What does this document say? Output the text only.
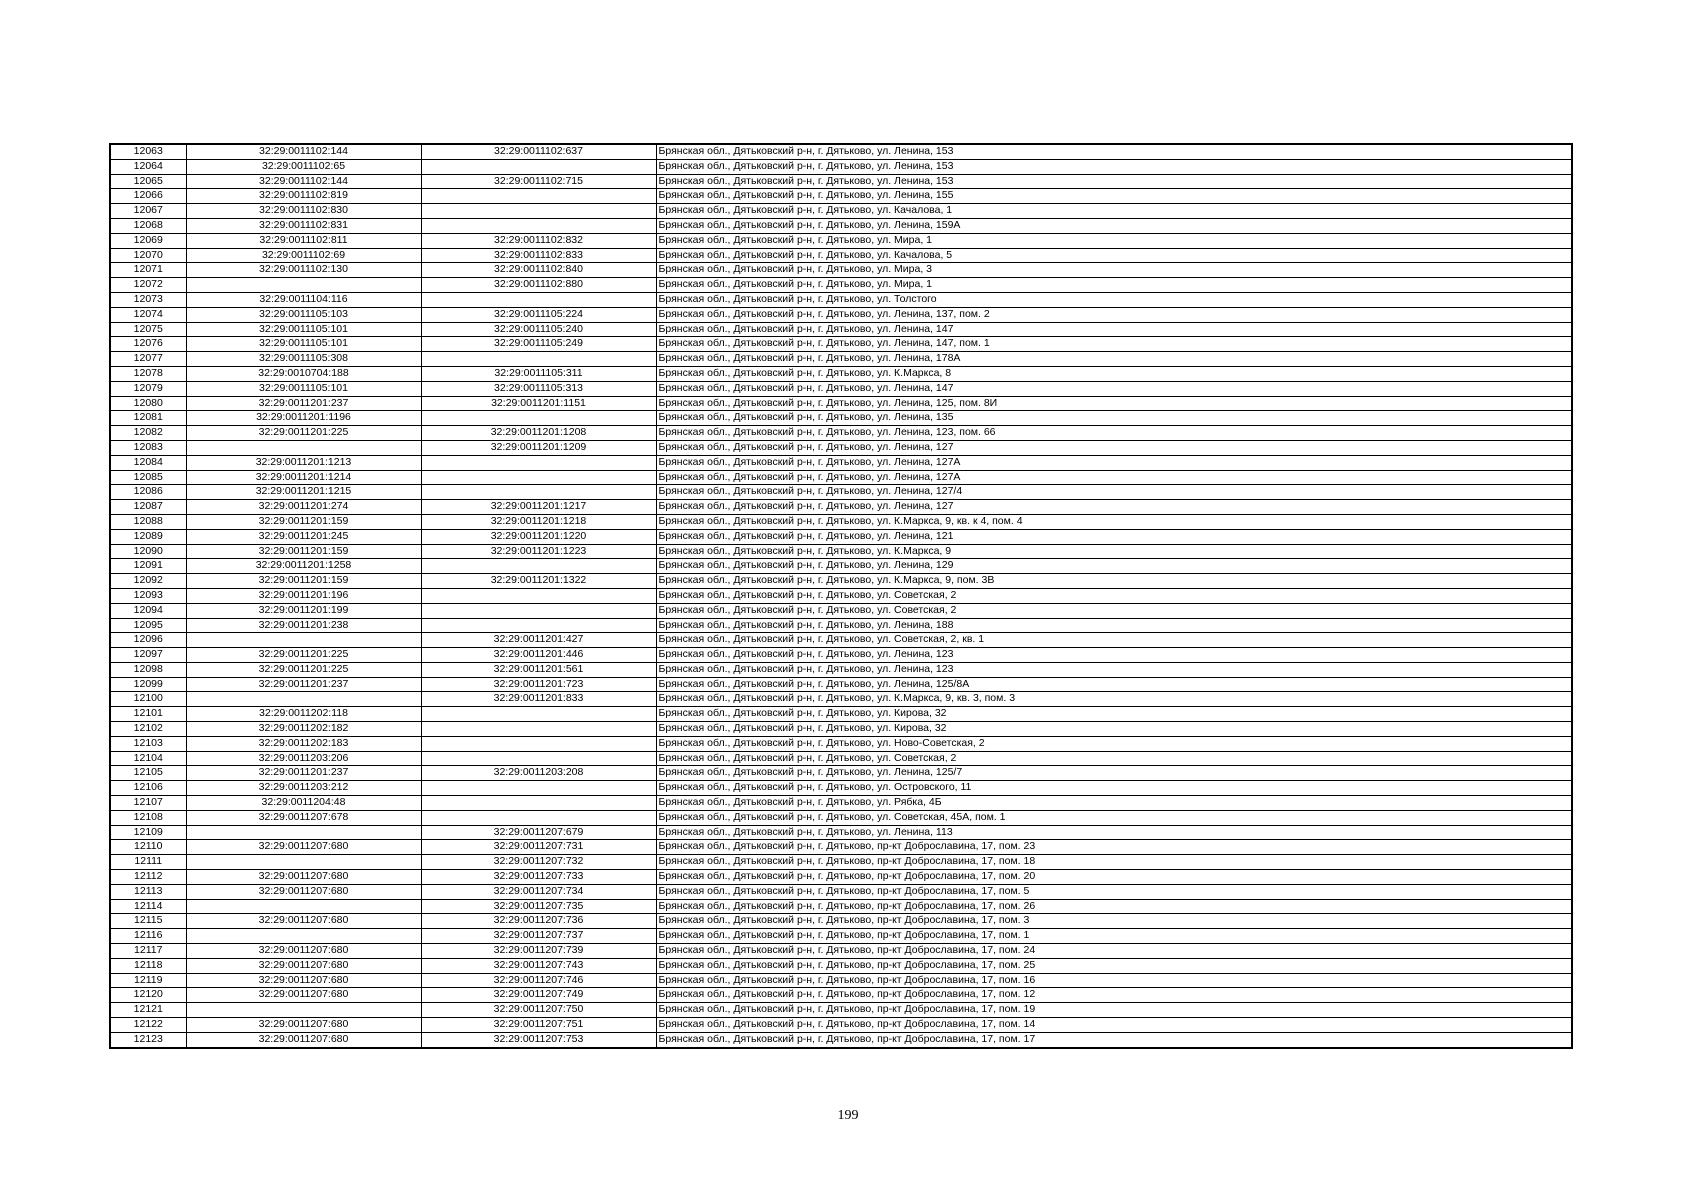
12063	32:29:0011102:144	32:29:0011102:637	Брянская обл., Дятьковский р-н, г. Дятьково, ул. Ленина, 153
12064	32:29:0011102:65		Брянская обл., Дятьковский р-н, г. Дятьково, ул. Ленина, 153
12065	32:29:0011102:144	32:29:0011102:715	Брянская обл., Дятьковский р-н, г. Дятьково, ул. Ленина, 153
12066	32:29:0011102:819		Брянская обл., Дятьковский р-н, г. Дятьково, ул. Ленина, 155
12067	32:29:0011102:830		Брянская обл., Дятьковский р-н, г. Дятьково, ул. Качалова, 1
12068	32:29:0011102:831		Брянская обл., Дятьковский р-н, г. Дятьково, ул. Ленина, 159А
12069	32:29:0011102:811	32:29:0011102:832	Брянская обл., Дятьковский р-н, г. Дятьково, ул. Мира, 1
12070	32:29:0011102:69	32:29:0011102:833	Брянская обл., Дятьковский р-н, г. Дятьково, ул. Качалова, 5
12071	32:29:0011102:130	32:29:0011102:840	Брянская обл., Дятьковский р-н, г. Дятьково, ул. Мира, 3
12072		32:29:0011102:880	Брянская обл., Дятьковский р-н, г. Дятьково, ул. Мира, 1
12073	32:29:0011104:116		Брянская обл., Дятьковский р-н, г. Дятьково, ул. Толстого
12074	32:29:0011105:103	32:29:0011105:224	Брянская обл., Дятьковский р-н, г. Дятьково, ул. Ленина, 137, пом. 2
12075	32:29:0011105:101	32:29:0011105:240	Брянская обл., Дятьковский р-н, г. Дятьково, ул. Ленина, 147
12076	32:29:0011105:101	32:29:0011105:249	Брянская обл., Дятьковский р-н, г. Дятьково, ул. Ленина, 147, пом. 1
12077	32:29:0011105:308		Брянская обл., Дятьковский р-н, г. Дятьково, ул. Ленина, 178А
12078	32:29:0010704:188	32:29:0011105:311	Брянская обл., Дятьковский р-н, г. Дятьково, ул. К.Маркса, 8
12079	32:29:0011105:101	32:29:0011105:313	Брянская обл., Дятьковский р-н, г. Дятьково, ул. Ленина, 147
12080	32:29:0011201:237	32:29:0011201:1151	Брянская обл., Дятьковский р-н, г. Дятьково, ул. Ленина, 125, пом. 8И
12081	32:29:0011201:1196		Брянская обл., Дятьковский р-н, г. Дятьково, ул. Ленина, 135
12082	32:29:0011201:225	32:29:0011201:1208	Брянская обл., Дятьковский р-н, г. Дятьково, ул. Ленина, 123, пом. 66
12083		32:29:0011201:1209	Брянская обл., Дятьковский р-н, г. Дятьково, ул. Ленина, 127
12084	32:29:0011201:1213		Брянская обл., Дятьковский р-н, г. Дятьково, ул. Ленина, 127А
12085	32:29:0011201:1214		Брянская обл., Дятьковский р-н, г. Дятьково, ул. Ленина, 127А
12086	32:29:0011201:1215		Брянская обл., Дятьковский р-н, г. Дятьково, ул. Ленина, 127/4
12087	32:29:0011201:274	32:29:0011201:1217	Брянская обл., Дятьковский р-н, г. Дятьково, ул. Ленина, 127
12088	32:29:0011201:159	32:29:0011201:1218	Брянская обл., Дятьковский р-н, г. Дятьково, ул. К.Маркса, 9, кв. к 4, пом. 4
12089	32:29:0011201:245	32:29:0011201:1220	Брянская обл., Дятьковский р-н, г. Дятьково, ул. Ленина, 121
12090	32:29:0011201:159	32:29:0011201:1223	Брянская обл., Дятьковский р-н, г. Дятьково, ул. К.Маркса, 9
12091	32:29:0011201:1258		Брянская обл., Дятьковский р-н, г. Дятьково, ул. Ленина, 129
12092	32:29:0011201:159	32:29:0011201:1322	Брянская обл., Дятьковский р-н, г. Дятьково, ул. К.Маркса, 9, пом. 3В
12093	32:29:0011201:196		Брянская обл., Дятьковский р-н, г. Дятьково, ул. Советская, 2
12094	32:29:0011201:199		Брянская обл., Дятьковский р-н, г. Дятьково, ул. Советская, 2
12095	32:29:0011201:238		Брянская обл., Дятьковский р-н, г. Дятьково, ул. Ленина, 188
12096		32:29:0011201:427	Брянская обл., Дятьковский р-н, г. Дятьково, ул. Советская, 2, кв. 1
12097	32:29:0011201:225	32:29:0011201:446	Брянская обл., Дятьковский р-н, г. Дятьково, ул. Ленина, 123
12098	32:29:0011201:225	32:29:0011201:561	Брянская обл., Дятьковский р-н, г. Дятьково, ул. Ленина, 123
12099	32:29:0011201:237	32:29:0011201:723	Брянская обл., Дятьковский р-н, г. Дятьково, ул. Ленина, 125/8А
12100		32:29:0011201:833	Брянская обл., Дятьковский р-н, г. Дятьково, ул. К.Маркса, 9, кв. 3, пом. 3
12101	32:29:0011202:118		Брянская обл., Дятьковский р-н, г. Дятьково, ул. Кирова, 32
12102	32:29:0011202:182		Брянская обл., Дятьковский р-н, г. Дятьково, ул. Кирова, 32
12103	32:29:0011202:183		Брянская обл., Дятьковский р-н, г. Дятьково, ул. Ново-Советская, 2
12104	32:29:0011203:206		Брянская обл., Дятьковский р-н, г. Дятьково, ул. Советская, 2
12105	32:29:0011201:237	32:29:0011203:208	Брянская обл., Дятьковский р-н, г. Дятьково, ул. Ленина, 125/7
12106	32:29:0011203:212		Брянская обл., Дятьковский р-н, г. Дятьково, ул. Островского, 11
12107	32:29:0011204:48		Брянская обл., Дятьковский р-н, г. Дятьково, ул. Рябка, 4Б
12108	32:29:0011207:678		Брянская обл., Дятьковский р-н, г. Дятьково, ул. Советская, 45А, пом. 1
12109		32:29:0011207:679	Брянская обл., Дятьковский р-н, г. Дятьково, ул. Ленина, 113
12110	32:29:0011207:680	32:29:0011207:731	Брянская обл., Дятьковский р-н, г. Дятьково, пр-кт Доброславина, 17, пом. 23
12111		32:29:0011207:732	Брянская обл., Дятьковский р-н, г. Дятьково, пр-кт Доброславина, 17, пом. 18
12112	32:29:0011207:680	32:29:0011207:733	Брянская обл., Дятьковский р-н, г. Дятьково, пр-кт Доброславина, 17, пом. 20
12113	32:29:0011207:680	32:29:0011207:734	Брянская обл., Дятьковский р-н, г. Дятьково, пр-кт Доброславина, 17, пом. 5
12114		32:29:0011207:735	Брянская обл., Дятьковский р-н, г. Дятьково, пр-кт Доброславина, 17, пом. 26
12115	32:29:0011207:680	32:29:0011207:736	Брянская обл., Дятьковский р-н, г. Дятьково, пр-кт Доброславина, 17, пом. 3
12116		32:29:0011207:737	Брянская обл., Дятьковский р-н, г. Дятьково, пр-кт Доброславина, 17, пом. 1
12117	32:29:0011207:680	32:29:0011207:739	Брянская обл., Дятьковский р-н, г. Дятьково, пр-кт Доброславина, 17, пом. 24
12118	32:29:0011207:680	32:29:0011207:743	Брянская обл., Дятьковский р-н, г. Дятьково, пр-кт Доброславина, 17, пом. 25
12119	32:29:0011207:680	32:29:0011207:746	Брянская обл., Дятьковский р-н, г. Дятьково, пр-кт Доброславина, 17, пом. 16
12120	32:29:0011207:680	32:29:0011207:749	Брянская обл., Дятьковский р-н, г. Дятьково, пр-кт Доброславина, 17, пом. 12
12121		32:29:0011207:750	Брянская обл., Дятьковский р-н, г. Дятьково, пр-кт Доброславина, 17, пом. 19
12122	32:29:0011207:680	32:29:0011207:751	Брянская обл., Дятьковский р-н, г. Дятьково, пр-кт Доброславина, 17, пом. 14
12123	32:29:0011207:680	32:29:0011207:753	Брянская обл., Дятьковский р-н, г. Дятьково, пр-кт Доброславина, 17, пом. 17
199
